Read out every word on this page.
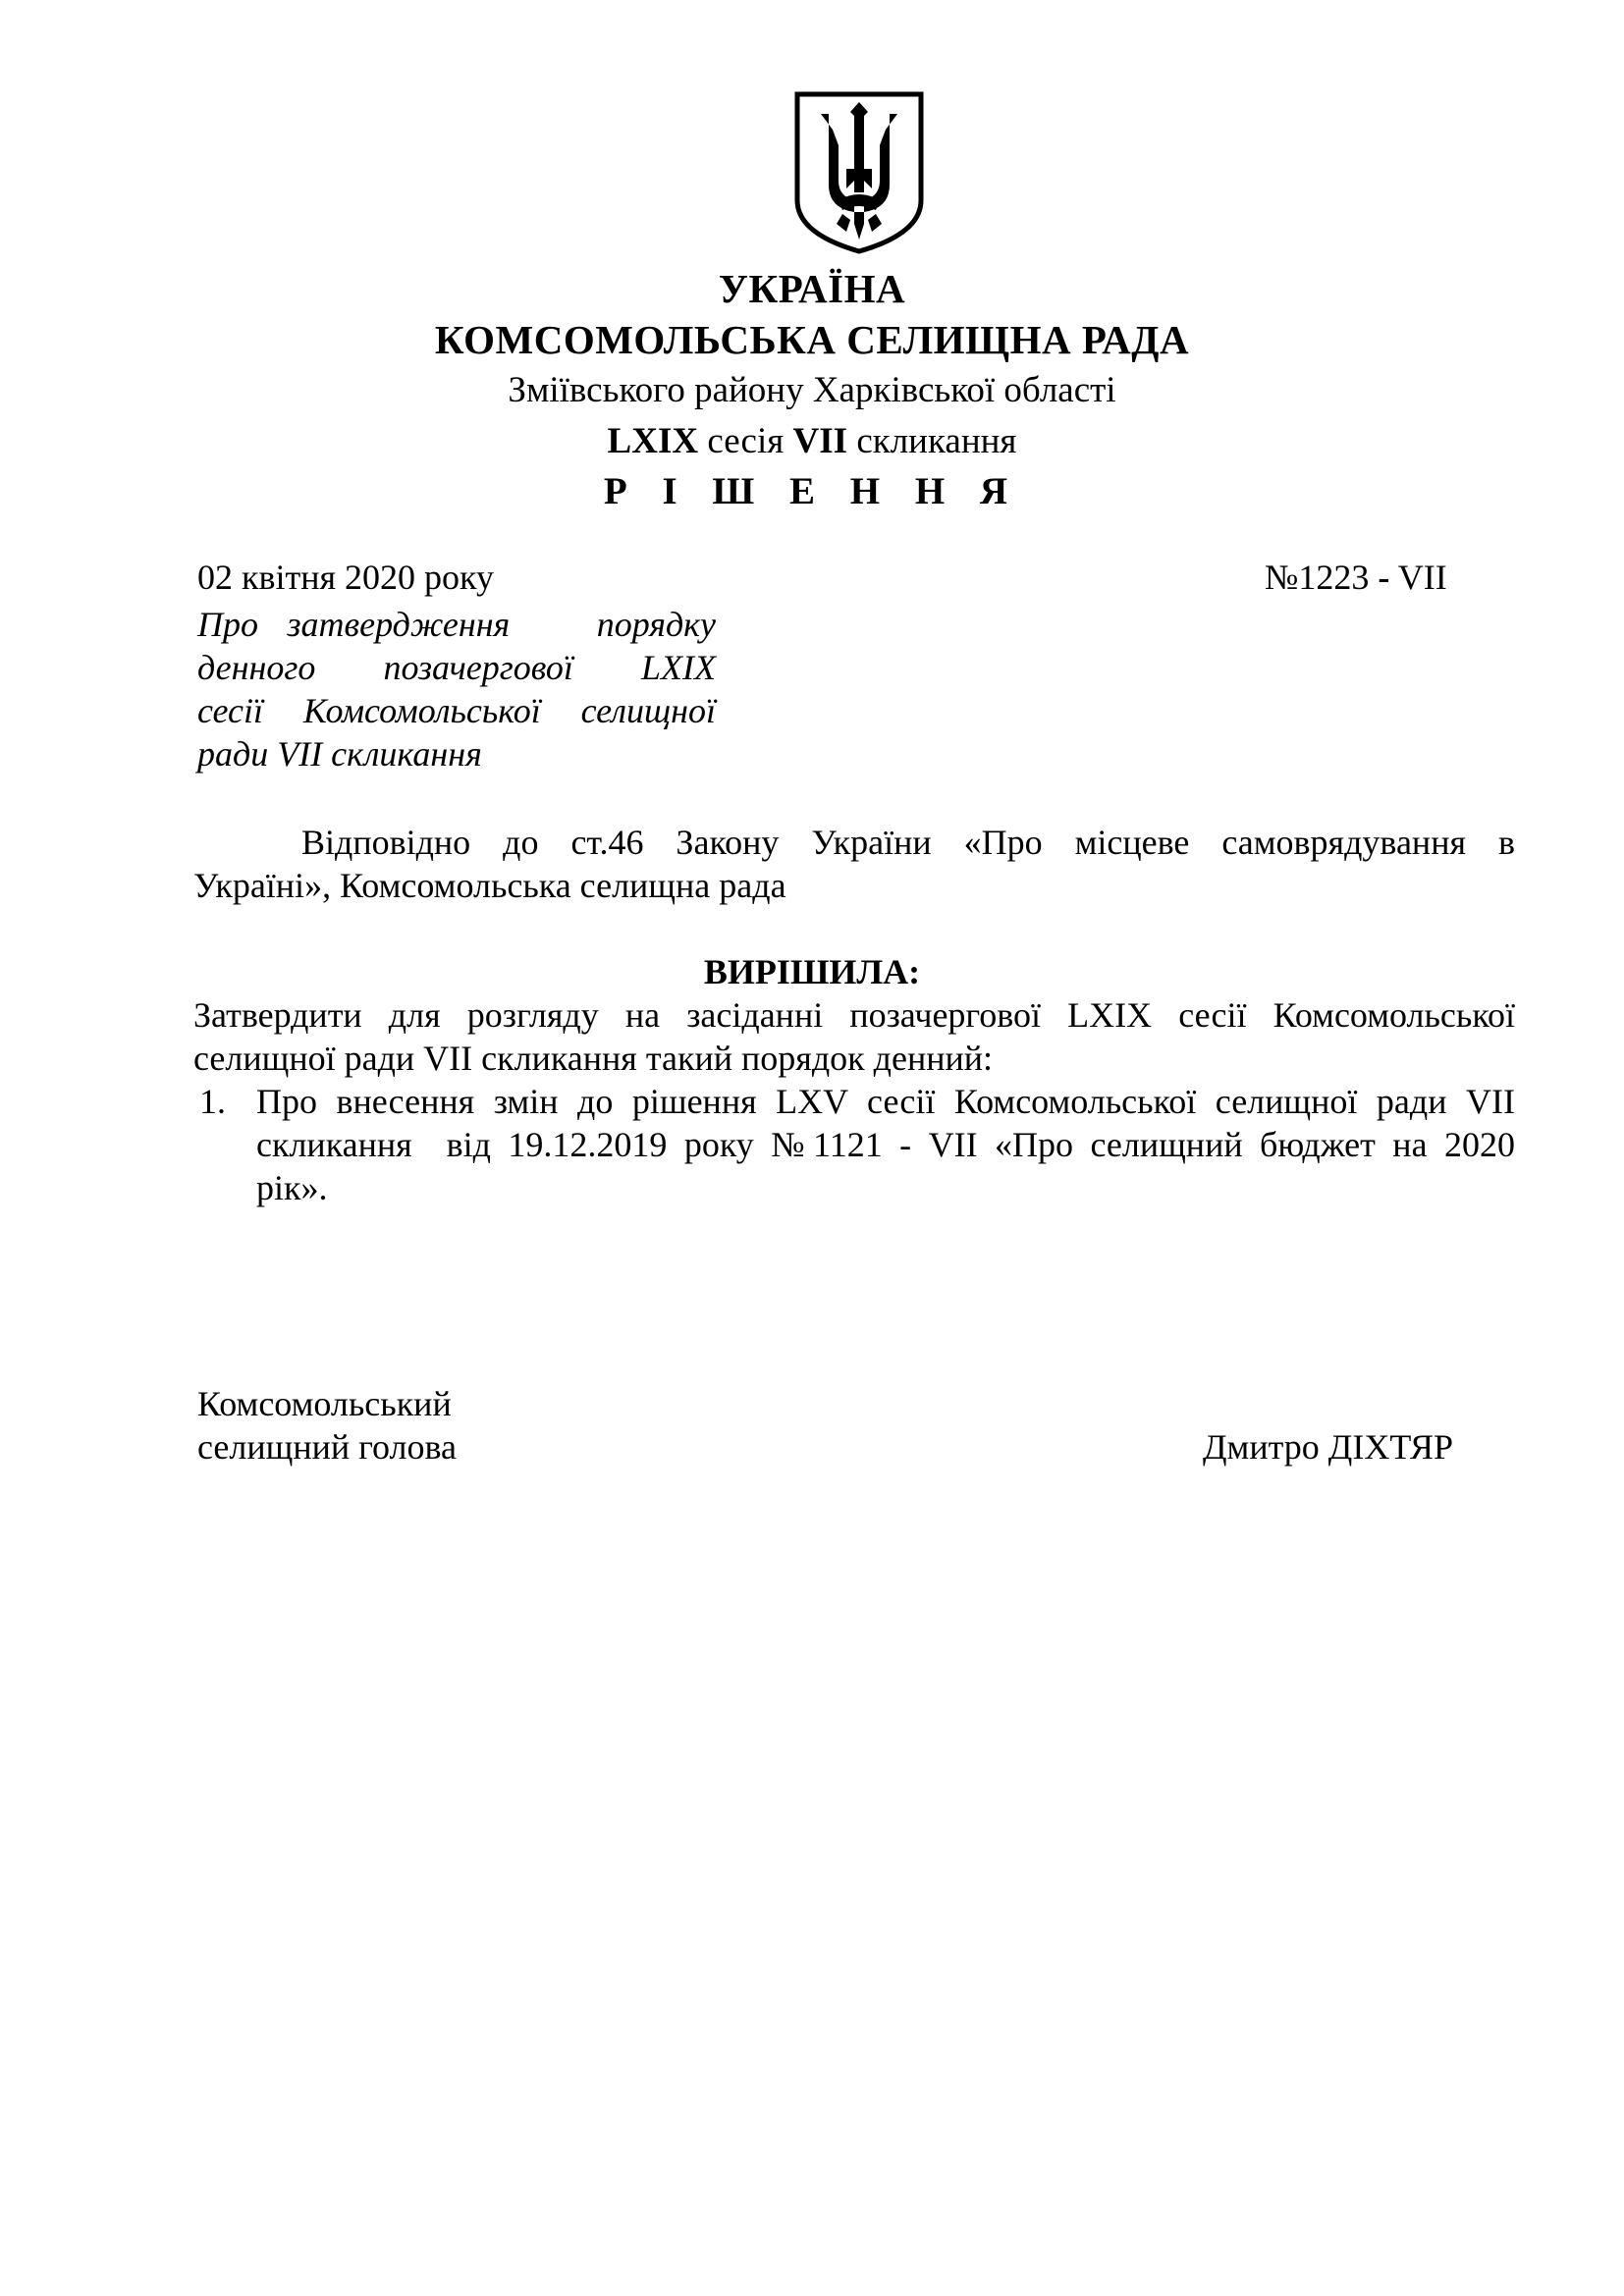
УКРАЇНА
КОМСОМОЛЬСЬКА СЕЛИЩНА РАДА
Зміївського району Харківської області
LXIX сесія VII скликання
Р І Ш Е Н Н Я
02 квітня 2020 року	№1223 - VII
Про затвердження   порядку
денного позачергової LXIX
сесії Комсомольської селищної
ради VII скликання
Відповідно до ст.46 Закону України «Про місцеве самоврядування в
Україні», Комсомольська селищна рада
ВИРІШИЛА:
Затвердити для розгляду на засіданні позачергової LXIX сесії Комсомольської
селищної ради VII скликання такий порядок денний:
1. Про внесення змін до рішення LXV сесії Комсомольської селищної ради VII
скликання  від 19.12.2019 року №1121 - VII «Про селищний бюджет на 2020
рік».
Комсомольський
селищний голова	Дмитро ДІХТЯР
